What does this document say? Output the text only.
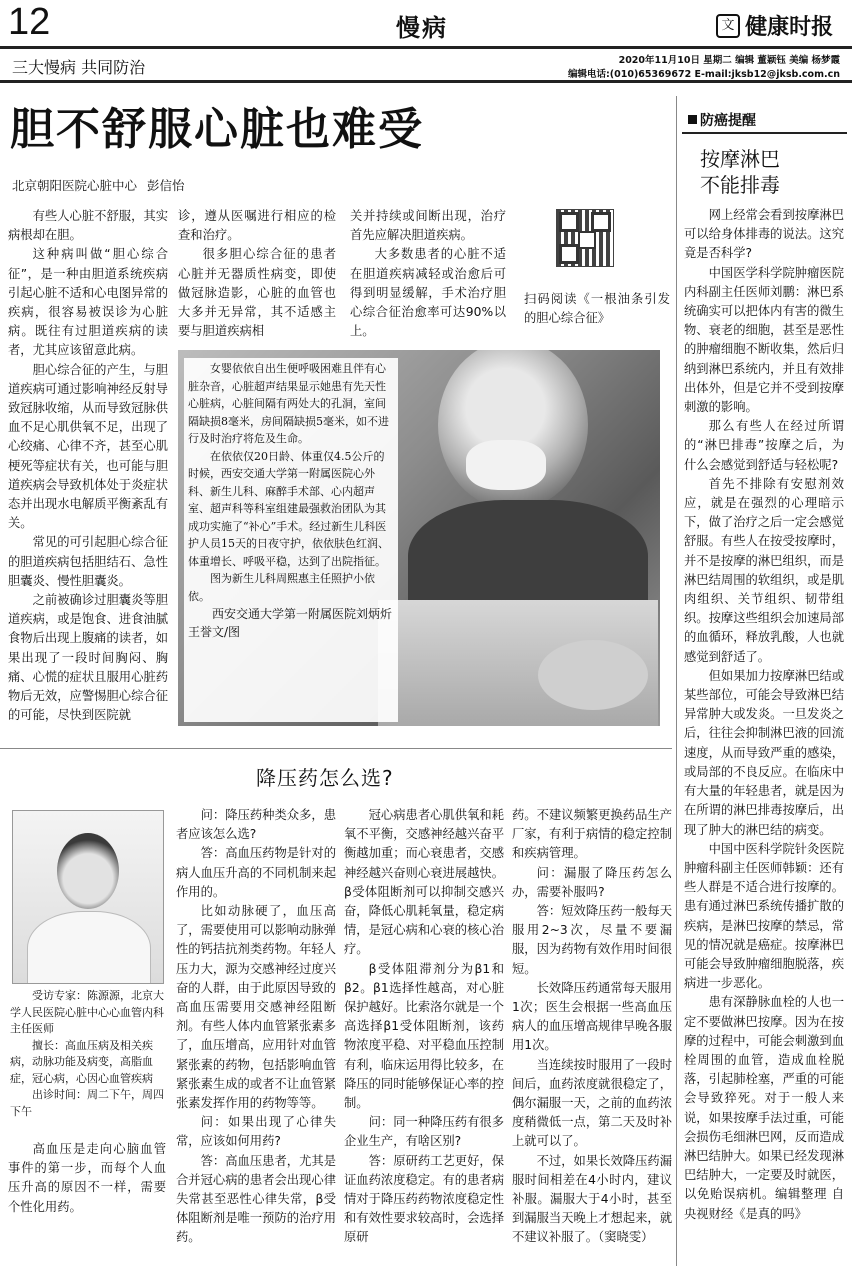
12	慢病	文 健康时报
三大慢病 共同防治	2020年11月10日 星期二 编辑 董颖钰 美编 杨梦霞
编辑电话:(010)65369672 E-mail:jksb12@jksb.com.cn
胆不舒服心脏也难受
北京朝阳医院心脏中心 彭信怡

有些人心脏不舒服，其实病根却在胆。

这种病叫做“胆心综合征”，是一种由胆道系统疾病引起心脏不适和心电图异常的疾病，很容易被误诊为心脏病。既往有过胆道疾病的读者，尤其应该留意此病。

胆心综合征的产生，与胆道疾病可通过影响神经反射导致冠脉收缩，从而导致冠脉供血不足心肌供氧不足，出现了心绞痛、心律不齐，甚至心肌梗死等症状有关，也可能与胆道疾病会导致机体处于炎症状态并出现水电解质平衡紊乱有关。

常见的可引起胆心综合征的胆道疾病包括胆结石、急性胆囊炎、慢性胆囊炎。

之前被确诊过胆囊炎等胆道疾病，或是饱食、进食油腻食物后出现上腹痛的读者，如果出现了一段时间胸闷、胸痛、心慌的症状且服用心脏药物后无效，应警惕胆心综合征的可能，尽快到医院就

诊，遵从医嘱进行相应的检查和治疗。

很多胆心综合征的患者心脏并无器质性病变，即使做冠脉造影，心脏的血管也大多并无异常，其不适感主要与胆道疾病相

关并持续或间断出现，治疗首先应解决胆道疾病。

大多数患者的心脏不适在胆道疾病减轻或治愈后可得到明显缓解，手术治疗胆心综合征治愈率可达90%以上。

扫码阅读《一根油条引发的胆心综合征》

女婴依依自出生便呼吸困难且伴有心脏杂音，心脏超声结果显示她患有先天性心脏病，心脏间隔有两处大的孔洞，室间隔缺损8毫米，房间隔缺损5毫米，如不进行及时治疗将危及生命。

在依依仅20日龄、体重仅4.5公斤的时候，西安交通大学第一附属医院心外科、新生儿科、麻醉手术部、心内超声室、超声科等科室组建最强救治团队为其成功实施了“补心”手术。经过新生儿科医护人员15天的日夜守护，依依肤色红润、体重增长、呼吸平稳，达到了出院指征。

图为新生儿科周熙惠主任照护小依依。

西安交通大学第一附属医院刘炳炘 王誉文/图

降压药怎么选?

受访专家：陈源源，北京大学人民医院心脏中心心血管内科主任医师

擅长：高血压病及相关疾病，动脉功能及病变，高脂血症，冠心病，心因心血管疾病

出诊时间：周二下午，周四下午

高血压是走向心脑血管事件的第一步，而每个人血压升高的原因不一样，需要个性化用药。

问：降压药种类众多，患者应该怎么选?

答：高血压药物是针对的病人血压升高的不同机制来起作用的。

比如动脉硬了，血压高了，需要使用可以影响动脉弹性的钙拮抗剂类药物。年轻人压力大，源为交感神经过度兴奋的人群，由于此原因导致的高血压需要用交感神经阻断剂。有些人体内血管紧张素多了，血压增高，应用针对血管紧张素的药物，包括影响血管紧张素生成的或者不让血管紧张素发挥作用的药物等等。

问：如果出现了心律失常，应该如何用药?

答：高血压患者，尤其是合并冠心病的患者会出现心律失常甚至恶性心律失常，β受体阻断剂是唯一预防的治疗用药。

冠心病患者心肌供氧和耗氧不平衡，交感神经越兴奋平衡越加重；而心衰患者，交感神经越兴奋则心衰进展越快。β受体阻断剂可以抑制交感兴奋，降低心肌耗氧量，稳定病情，是冠心病和心衰的核心治疗。

β受体阻滞剂分为β1和β2。β1选择性越高，对心脏保护越好。比索洛尔就是一个高选择β1受体阻断剂，该药物浓度平稳、对平稳血压控制有利，临床运用得比较多，在降压的同时能够保证心率的控制。

问：同一种降压药有很多企业生产，有啥区别?

答：原研药工艺更好，保证血药浓度稳定。有的患者病情对于降压药药物浓度稳定性和有效性要求较高时，会选择原研

药。不建议频繁更换药品生产厂家，有利于病情的稳定控制和疾病管理。

问：漏服了降压药怎么办，需要补服吗?

答：短效降压药一般每天服用2~3次，尽量不要漏服，因为药物有效作用时间很短。

长效降压药通常每天服用1次；医生会根据一些高血压病人的血压增高规律早晚各服用1次。

当连续按时服用了一段时间后，血药浓度就很稳定了，偶尔漏服一天，之前的血药浓度稍微低一点，第二天及时补上就可以了。

不过，如果长效降压药漏服时间相差在4小时内，建议补服。漏服大于4小时，甚至到漏服当天晚上才想起来，就不建议补服了。（窦晓雯）

防癌提醒
按摩淋巴
不能排毒

网上经常会看到按摩淋巴可以给身体排毒的说法。这究竟是否科学?

中国医学科学院肿瘤医院内科副主任医师刘鹏：淋巴系统确实可以把体内有害的微生物、衰老的细胞，甚至是恶性的肿瘤细胞不断收集，然后归纳到淋巴系统内，并且有效排出体外，但是它并不受到按摩刺激的影响。

那么有些人在经过所谓的“淋巴排毒”按摩之后，为什么会感觉到舒适与轻松呢?

首先不排除有安慰剂效应，就是在强烈的心理暗示下，做了治疗之后一定会感觉舒服。有些人在按受按摩时，并不是按摩的淋巴组织，而是淋巴结周围的软组织，或是肌肉组织、关节组织、韧带组织。按摩这些组织会加速局部的血循环，释放乳酸，人也就感觉到舒适了。

但如果加力按摩淋巴结或某些部位，可能会导致淋巴结异常肿大或发炎。一旦发炎之后，往往会抑制淋巴液的回流速度，从而导致严重的感染，或局部的不良反应。在临床中有大量的年轻患者，就是因为在所谓的淋巴排毒按摩后，出现了肿大的淋巴结的病变。

中国中医科学院针灸医院肿瘤科副主任医师韩颖：还有些人群是不适合进行按摩的。患有通过淋巴系统传播扩散的疾病，是淋巴按摩的禁忌，常见的情况就是癌症。按摩淋巴可能会导致肿瘤细胞脱落，疾病进一步恶化。

患有深静脉血栓的人也一定不要做淋巴按摩。因为在按摩的过程中，可能会刺激到血栓周围的血管，造成血栓脱落，引起肺栓塞，严重的可能会导致猝死。对于一般人来说，如果按摩手法过重，可能会损伤毛细淋巴网，反而造成淋巴结肿大。如果已经发现淋巴结肿大，一定要及时就医，以免贻误病机。编辑整理 自央视财经《是真的吗》
